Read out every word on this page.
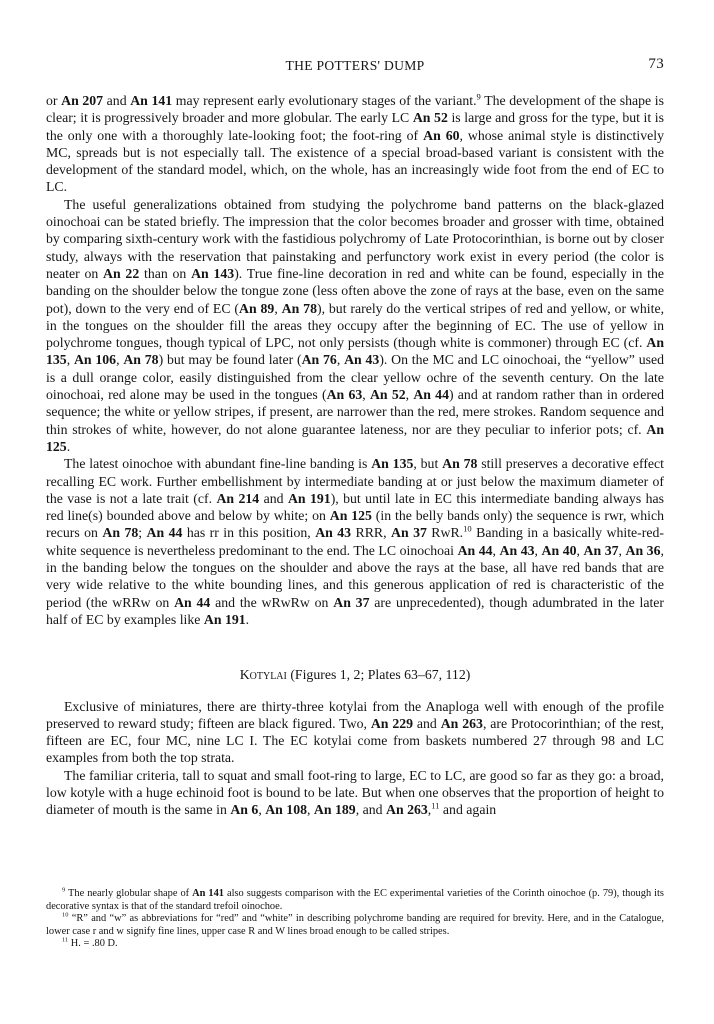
THE POTTERS' DUMP	73

or An 207 and An 141 may represent early evolutionary stages of the variant.$^9$ The development of the shape is clear; it is progressively broader and more globular. The early LC An 52 is large and gross for the type, but it is the only one with a thoroughly late-looking foot; the foot-ring of An 60, whose animal style is distinctively MC, spreads but is not especially tall. The existence of a special broad-based variant is consistent with the development of the standard model, which, on the whole, has an increasingly wide foot from the end of EC to LC.

The useful generalizations obtained from studying the polychrome band patterns on the black-glazed oinochoai can be stated briefly. The impression that the color becomes broader and grosser with time, obtained by comparing sixth-century work with the fastidious polychromy of Late Protocorinthian, is borne out by closer study, always with the reservation that painstaking and perfunctory work exist in every period (the color is neater on An 22 than on An 143). True fine-line decoration in red and white can be found, especially in the banding on the shoulder below the tongue zone (less often above the zone of rays at the base, even on the same pot), down to the very end of EC (An 89, An 78), but rarely do the vertical stripes of red and yellow, or white, in the tongues on the shoulder fill the areas they occupy after the beginning of EC. The use of yellow in polychrome tongues, though typical of LPC, not only persists (though white is commoner) through EC (cf. An 135, An 106, An 78) but may be found later (An 76, An 43). On the MC and LC oinochoai, the “yellow” used is a dull orange color, easily distinguished from the clear yellow ochre of the seventh century. On the late oinochoai, red alone may be used in the tongues (An 63, An 52, An 44) and at random rather than in ordered sequence; the white or yellow stripes, if present, are narrower than the red, mere strokes. Random sequence and thin strokes of white, however, do not alone guarantee lateness, nor are they peculiar to inferior pots; cf. An 125.

The latest oinochoe with abundant fine-line banding is An 135, but An 78 still preserves a decorative effect recalling EC work. Further embellishment by intermediate banding at or just below the maximum diameter of the vase is not a late trait (cf. An 214 and An 191), but until late in EC this intermediate banding always has red line(s) bounded above and below by white; on An 125 (in the belly bands only) the sequence is rwr, which recurs on An 78; An 44 has rr in this position, An 43 RRR, An 37 RwR.$^{10}$ Banding in a basically white-red-white sequence is nevertheless predominant to the end. The LC oinochoai An 44, An 43, An 40, An 37, An 36, in the banding below the tongues on the shoulder and above the rays at the base, all have red bands that are very wide relative to the white bounding lines, and this generous application of red is characteristic of the period (the wRRw on An 44 and the wRwRw on An 37 are unprecedented), though adumbrated in the later half of EC by examples like An 191.

Kotylai (Figures 1, 2; Plates 63–67, 112)

Exclusive of miniatures, there are thirty-three kotylai from the Anaploga well with enough of the profile preserved to reward study; fifteen are black figured. Two, An 229 and An 263, are Protocorinthian; of the rest, fifteen are EC, four MC, nine LC I. The EC kotylai come from baskets numbered 27 through 98 and LC examples from both the top strata.

The familiar criteria, tall to squat and small foot-ring to large, EC to LC, are good so far as they go: a broad, low kotyle with a huge echinoid foot is bound to be late. But when one observes that the proportion of height to diameter of mouth is the same in An 6, An 108, An 189, and An 263,11 and again

$^9$ The nearly globular shape of An 141 also suggests comparison with the EC experimental varieties of the Corinth oinochoe (p. 79), though its decorative syntax is that of the standard trefoil oinochoe.

$^{10}$ “R” and “w” as abbreviations for “red” and “white” in describing polychrome banding are required for brevity. Here, and in the Catalogue, lower case r and w signify fine lines, upper case R and W lines broad enough to be called stripes.

$^{11}$ H. = .80 D.
